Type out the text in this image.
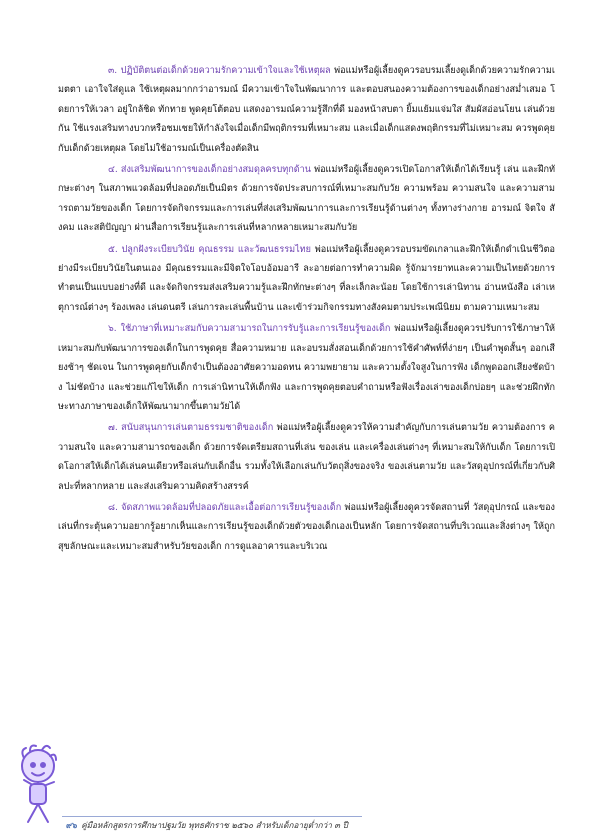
๓. ปฏิบัติตนต่อเด็กด้วยความรักความเข้าใจและใช้เหตุผล พ่อแม่หรือผู้เลี้ยงดูควรอบรมเลี้ยงดูเด็กด้วยความรักความเมตตา เอาใจใส่ดูแล ใช้เหตุผลมากกว่าอารมณ์ มีความเข้าใจในพัฒนาการ และตอบสนองความต้องการของเด็กอย่างสม่ำเสมอ โดยการให้เวลา อยู่ใกล้ชิด ทักทาย พูดคุยโต้ตอบ แสดงอารมณ์ความรู้สึกที่ดี มองหน้าสบตา ยิ้มแย้มแจ่มใส สัมผัสอ่อนโยน เล่นด้วยกัน ใช้แรงเสริมทางบวกหรือชมเชยให้กำลังใจเมื่อเด็กมีพฤติกรรมที่เหมาะสม และเมื่อเด็กแสดงพฤติกรรมที่ไม่เหมาะสม ควรพูดคุยกับเด็กด้วยเหตุผล โดยไม่ใช้อารมณ์เป็นเครื่องตัดสิน

๔. ส่งเสริมพัฒนาการของเด็กอย่างสมดุลครบทุกด้าน พ่อแม่หรือผู้เลี้ยงดูควรเปิดโอกาสให้เด็กได้เรียนรู้ เล่น และฝึกทักษะต่างๆ ในสภาพแวดล้อมที่ปลอดภัยเป็นมิตร ด้วยการจัดประสบการณ์ที่เหมาะสมกับวัย ความพร้อม ความสนใจ และความสามารถตามวัยของเด็ก โดยการจัดกิจกรรมและการเล่นที่ส่งเสริมพัฒนาการและการเรียนรู้ด้านต่างๆ ทั้งทางร่างกาย อารมณ์ จิตใจ สังคม และสติปัญญา ผ่านสื่อการเรียนรู้และการเล่นที่หลากหลายเหมาะสมกับวัย

๕. ปลูกฝังระเบียบวินัย คุณธรรม และวัฒนธรรมไทย พ่อแม่หรือผู้เลี้ยงดูควรอบรมขัดเกลาและฝึกให้เด็กดำเนินชีวิตอย่างมีระเบียบวินัยในตนเอง มีคุณธรรมและมีจิตใจโอบอ้อมอารี ละอายต่อการทำความผิด รู้จักมารยาทและความเป็นไทยด้วยการทำตนเป็นแบบอย่างที่ดี และจัดกิจกรรมส่งเสริมความรู้และฝึกทักษะต่างๆ ที่ละเล็กละน้อย โดยใช้การเล่านิทาน อ่านหนังสือ เล่าเหตุการณ์ต่างๆ ร้องเพลง เล่นดนตรี เล่นการละเล่นพื้นบ้าน และเข้าร่วมกิจกรรมทางสังคมตามประเพณีนิยม ตามความเหมาะสม

๖. ใช้ภาษาที่เหมาะสมกับความสามารถในการรับรู้และการเรียนรู้ของเด็ก พ่อแม่หรือผู้เลี้ยงดูควรปรับการใช้ภาษาให้เหมาะสมกับพัฒนาการของเด็กในการพูดคุย สื่อความหมาย และอบรมสั่งสอนเด็กด้วยการใช้คำศัพท์ที่ง่ายๆ เป็นคำพูดสั้นๆ ออกเสียงช้าๆ ชัดเจน ในการพูดคุยกับเด็กจำเป็นต้องอาศัยความอดทน ความพยายาม และความตั้งใจสูงในการฟัง เด็กพูดออกเสียงชัดบ้าง ไม่ชัดบ้าง และช่วยแก้ไขให้เด็ก การเล่านิทานให้เด็กฟัง และการพูดคุยตอบคำถามหรือฟังเรื่องเล่าของเด็กบ่อยๆ และช่วยฝึกทักษะทางภาษาของเด็กให้พัฒนามากขึ้นตามวัยได้

๗. สนับสนุนการเล่นตามธรรมชาติของเด็ก พ่อแม่หรือผู้เลี้ยงดูควรให้ความสำคัญกับการเล่นตามวัย ความต้องการ ความสนใจ และความสามารถของเด็ก ด้วยการจัดเตรียมสถานที่เล่น ของเล่น และเครื่องเล่นต่างๆ ที่เหมาะสมให้กับเด็ก โดยการเปิดโอกาสให้เด็กได้เล่นคนเดียวหรือเล่นกับเด็กอื่น รวมทั้งให้เลือกเล่นกับวัตถุสิ่งของจริง ของเล่นตามวัย และวัสดุอุปกรณ์ที่เกี่ยวกับศิลปะที่หลากหลาย และส่งเสริมความคิดสร้างสรรค์

๘. จัดสภาพแวดล้อมที่ปลอดภัยและเอื้อต่อการเรียนรู้ของเด็ก พ่อแม่หรือผู้เลี้ยงดูควรจัดสถานที่ วัสดุอุปกรณ์ และของเล่นที่กระตุ้นความอยากรู้อยากเห็นและการเรียนรู้ของเด็กด้วยตัวของเด็กเองเป็นหลัก โดยการจัดสถานที่บริเวณและสิ่งต่างๆ ให้ถูกสุขลักษณะและเหมาะสมสำหรับวัยของเด็ก การดูแลอาคารและบริเวณ

๙๖ คู่มือหลักสูตรการศึกษาปฐมวัย พุทธศักราช ๒๕๖๐ สำหรับเด็กอายุต่ำกว่า ๓ ปี
